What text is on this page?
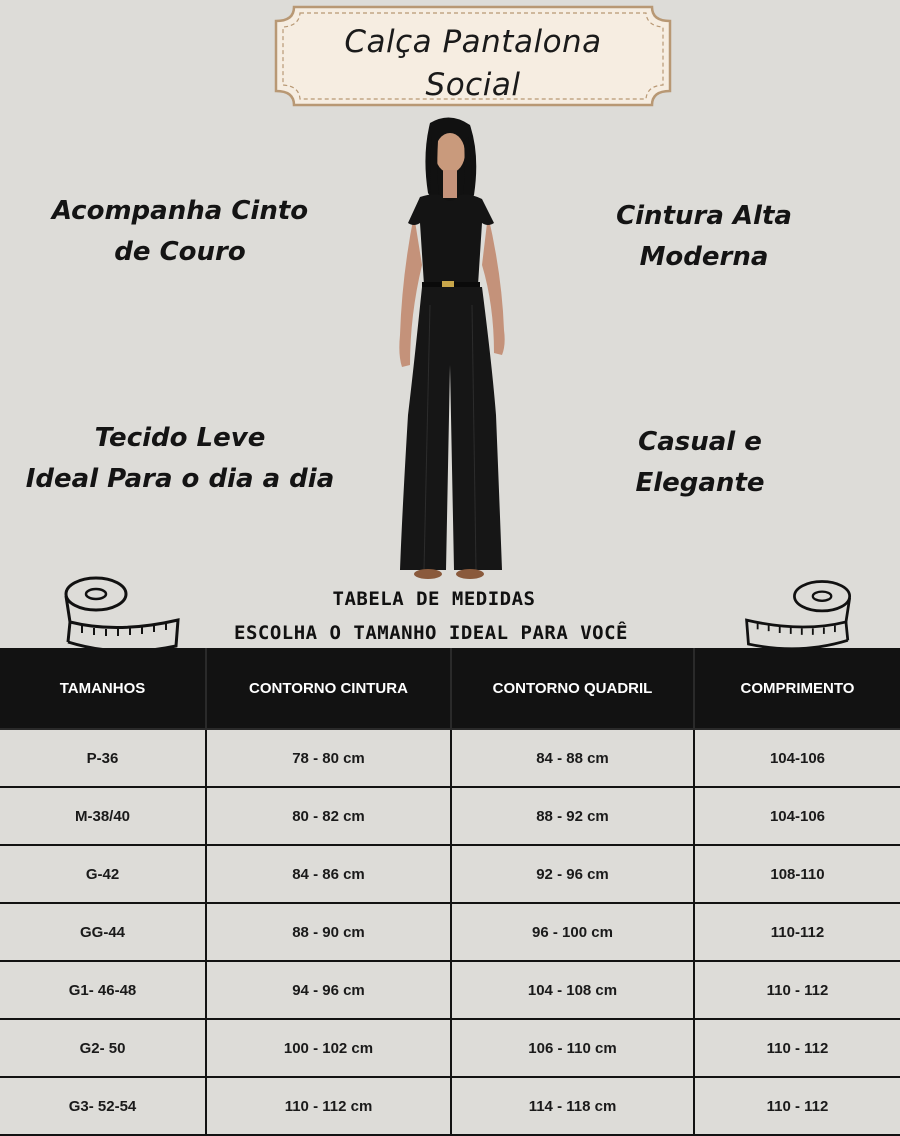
Calça Pantalona
Social
Acompanha Cinto
de Couro
Cintura Alta
Moderna
Tecido Leve
Ideal Para o dia a dia
Casual e
Elegante
TABELA DE MEDIDAS
ESCOLHA O TAMANHO IDEAL PARA VOCÊ
TAMANHOS	CONTORNO CINTURA	CONTORNO QUADRIL	COMPRIMENTO
P-36	78 - 80 cm	84 - 88 cm	104-106
M-38/40	80 - 82 cm	88 - 92 cm	104-106
G-42	84 - 86 cm	92 - 96 cm	108-110
GG-44	88 - 90 cm	96 - 100 cm	110-112
G1- 46-48	94 - 96 cm	104 - 108 cm	110 - 112
G2- 50	100 - 102 cm	106 - 110 cm	110 - 112
G3- 52-54	110 - 112 cm	114 - 118 cm	110 - 112
